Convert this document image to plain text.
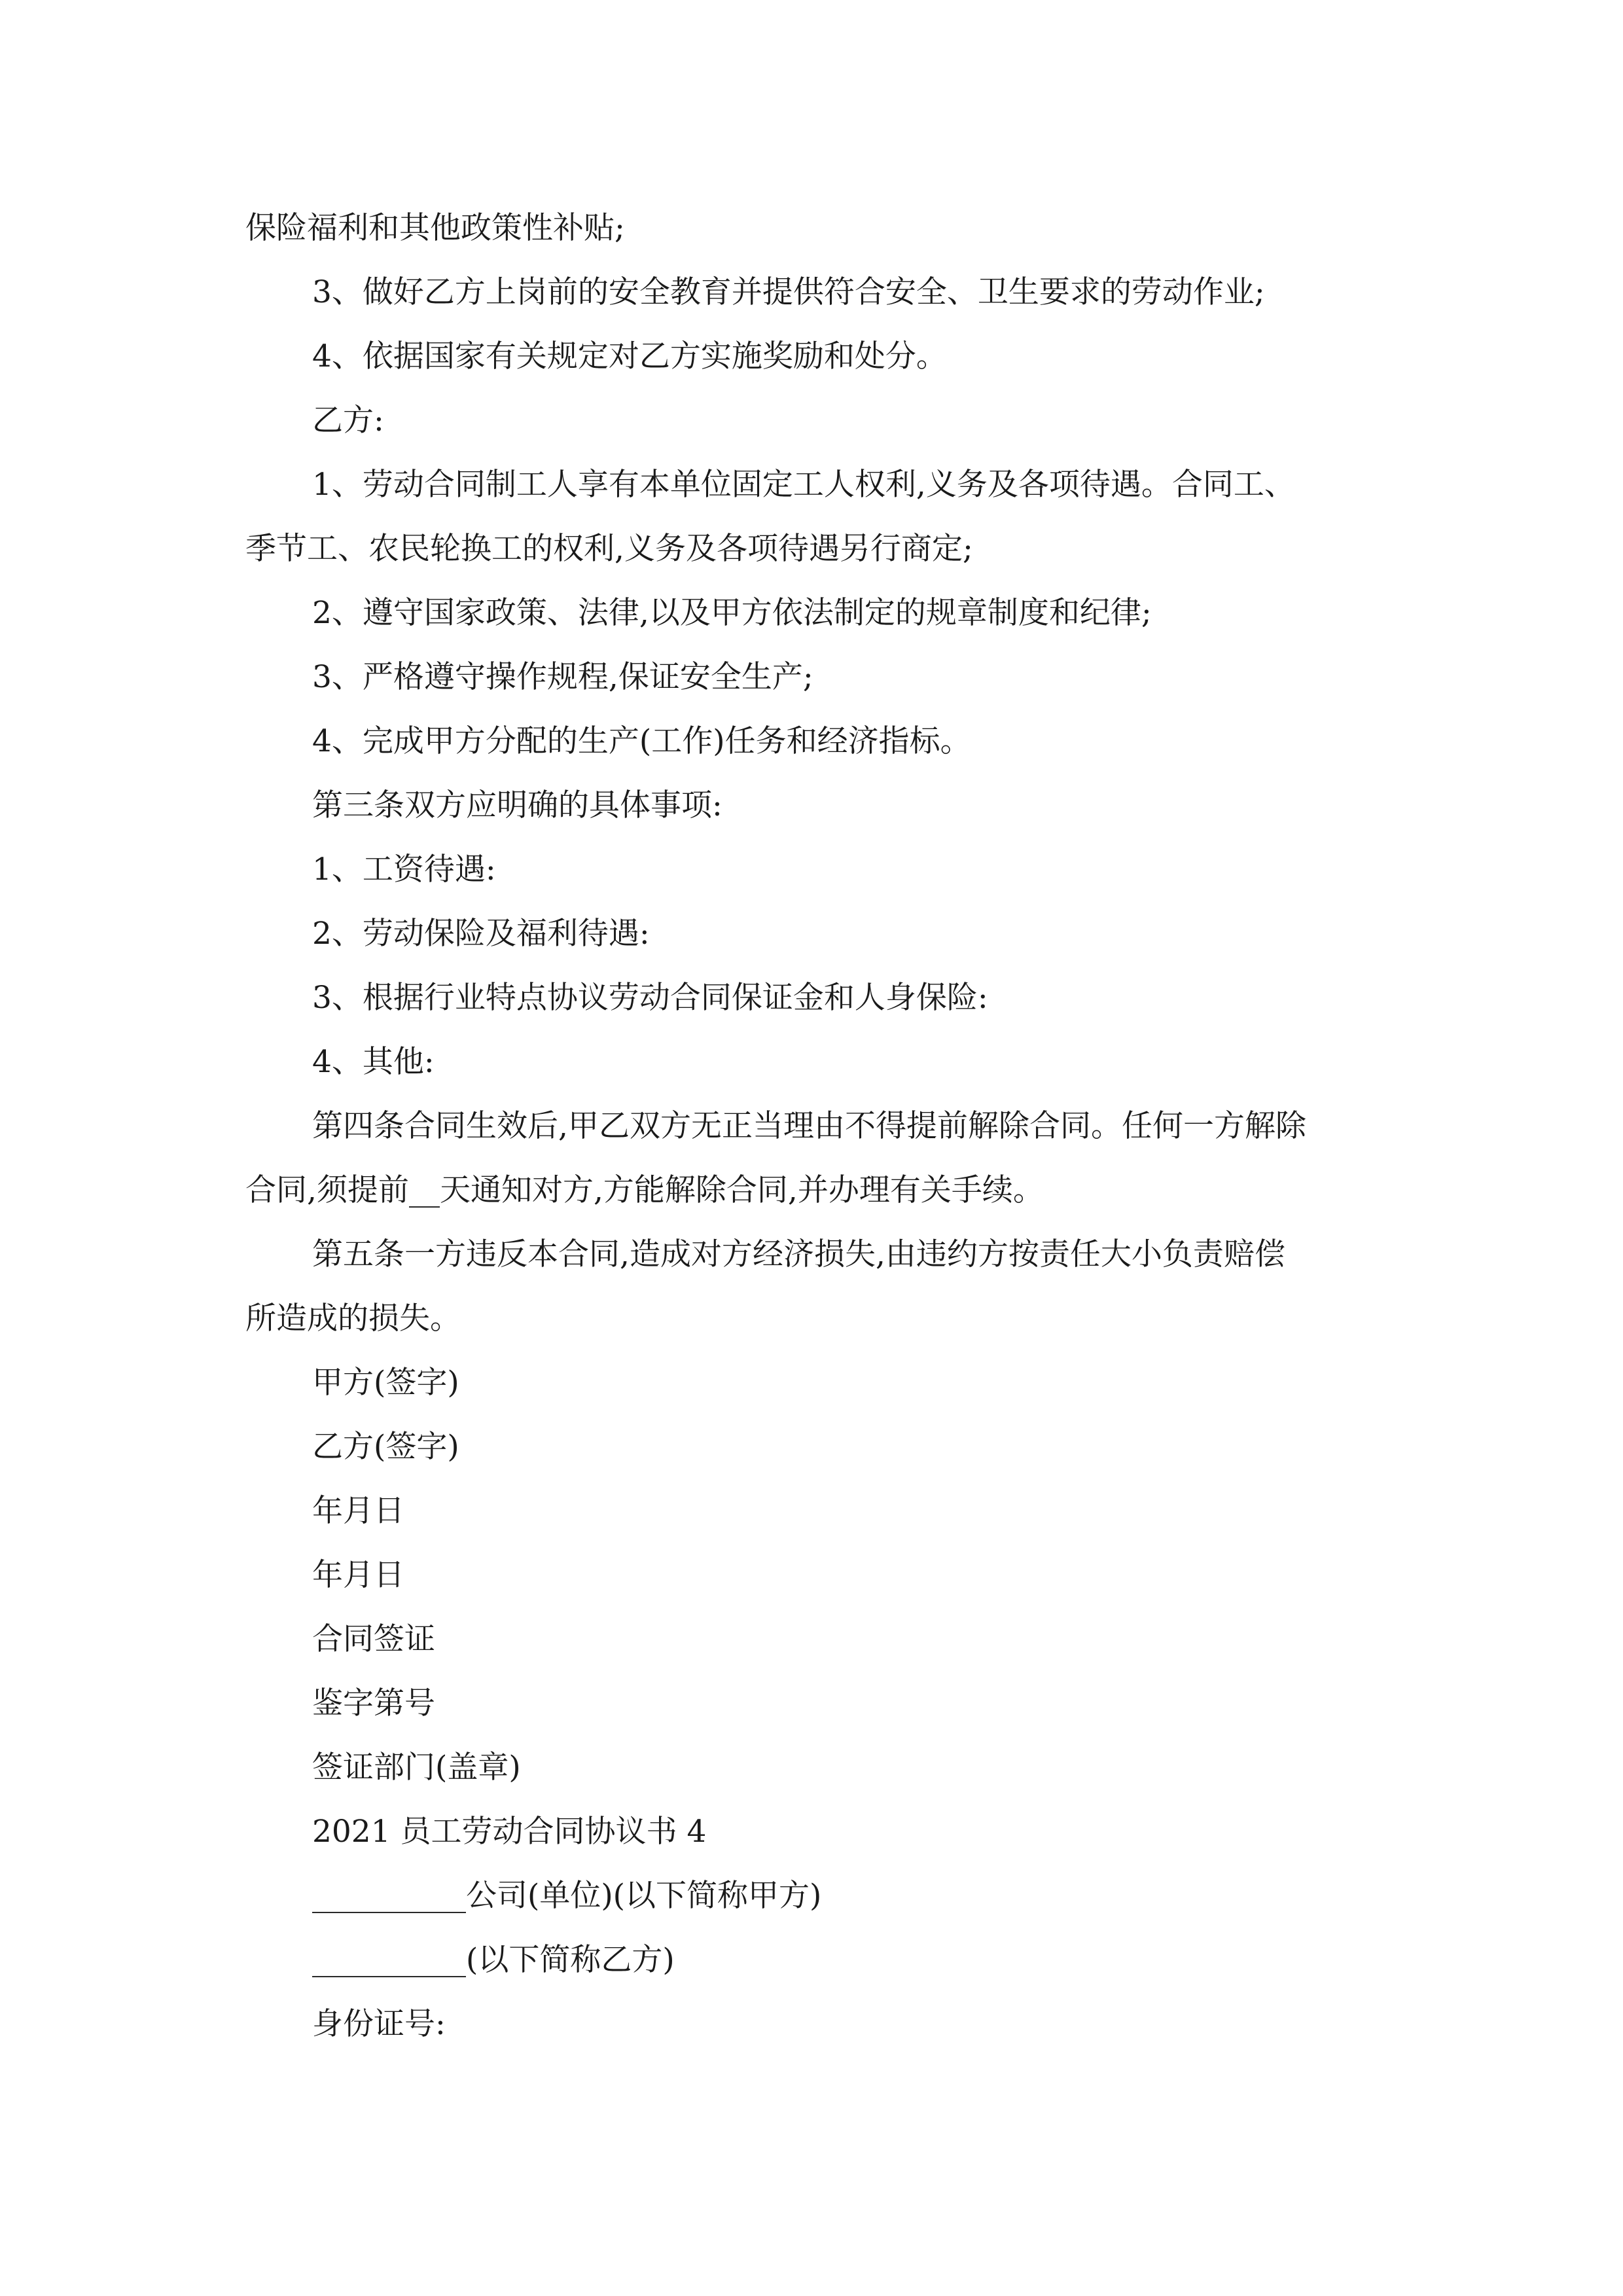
保险福利和其他政策性补贴;

3、做好乙方上岗前的安全教育并提供符合安全、卫生要求的劳动作业;

4、依据国家有关规定对乙方实施奖励和处分。

乙方:

1、劳动合同制工人享有本单位固定工人权利,义务及各项待遇。合同工、

季节工、农民轮换工的权利,义务及各项待遇另行商定;

2、遵守国家政策、法律,以及甲方依法制定的规章制度和纪律;

3、严格遵守操作规程,保证安全生产;

4、完成甲方分配的生产(工作)任务和经济指标。

第三条双方应明确的具体事项:

1、工资待遇:

2、劳动保险及福利待遇:

3、根据行业特点协议劳动合同保证金和人身保险:

4、其他:

第四条合同生效后,甲乙双方无正当理由不得提前解除合同。任何一方解除

合同,须提前__天通知对方,方能解除合同,并办理有关手续。

第五条一方违反本合同,造成对方经济损失,由违约方按责任大小负责赔偿

所造成的损失。

甲方(签字)

乙方(签字)

年月日

年月日

合同签证

鉴字第号

签证部门(盖章)

2021 员工劳动合同协议书 4

__________公司(单位)(以下简称甲方)

__________(以下简称乙方)

身份证号:
